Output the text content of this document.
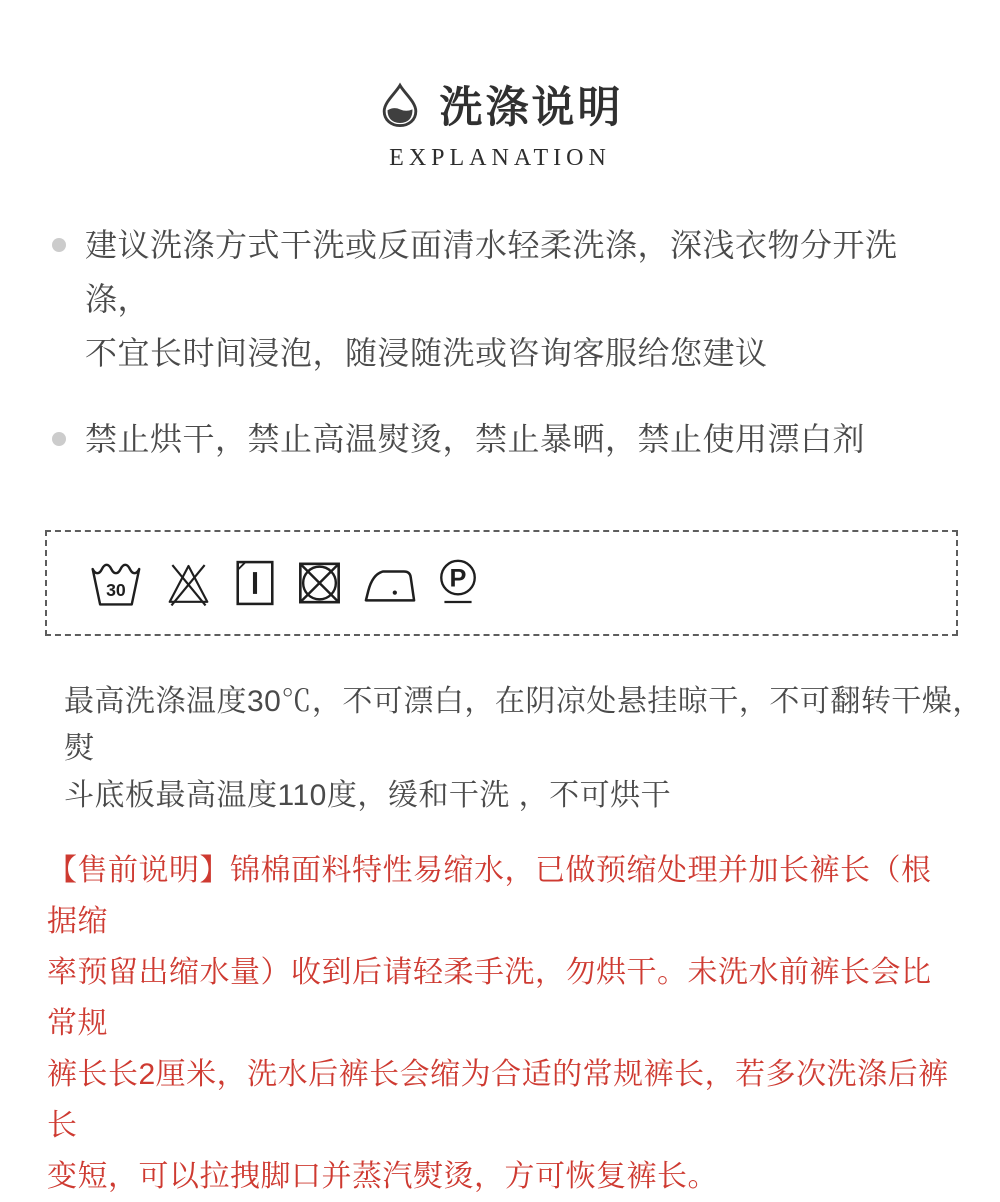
洗涤说明
EXPLANATION
建议洗涤方式干洗或反面清水轻柔洗涤，深浅衣物分开洗涤，
不宜长时间浸泡，随浸随洗或咨询客服给您建议
禁止烘干，禁止高温熨烫，禁止暴晒，禁止使用漂白剂
30	P
最高洗涤温度30℃，不可漂白，在阴凉处悬挂晾干，不可翻转干燥，熨
斗底板最高温度110度，缓和干洗 ，不可烘干
【售前说明】锦棉面料特性易缩水，已做预缩处理并加长裤长（根据缩
率预留出缩水量）收到后请轻柔手洗，勿烘干。未洗水前裤长会比常规
裤长长2厘米，洗水后裤长会缩为合适的常规裤长，若多次洗涤后裤长
变短，可以拉拽脚口并蒸汽熨烫，方可恢复裤长。
